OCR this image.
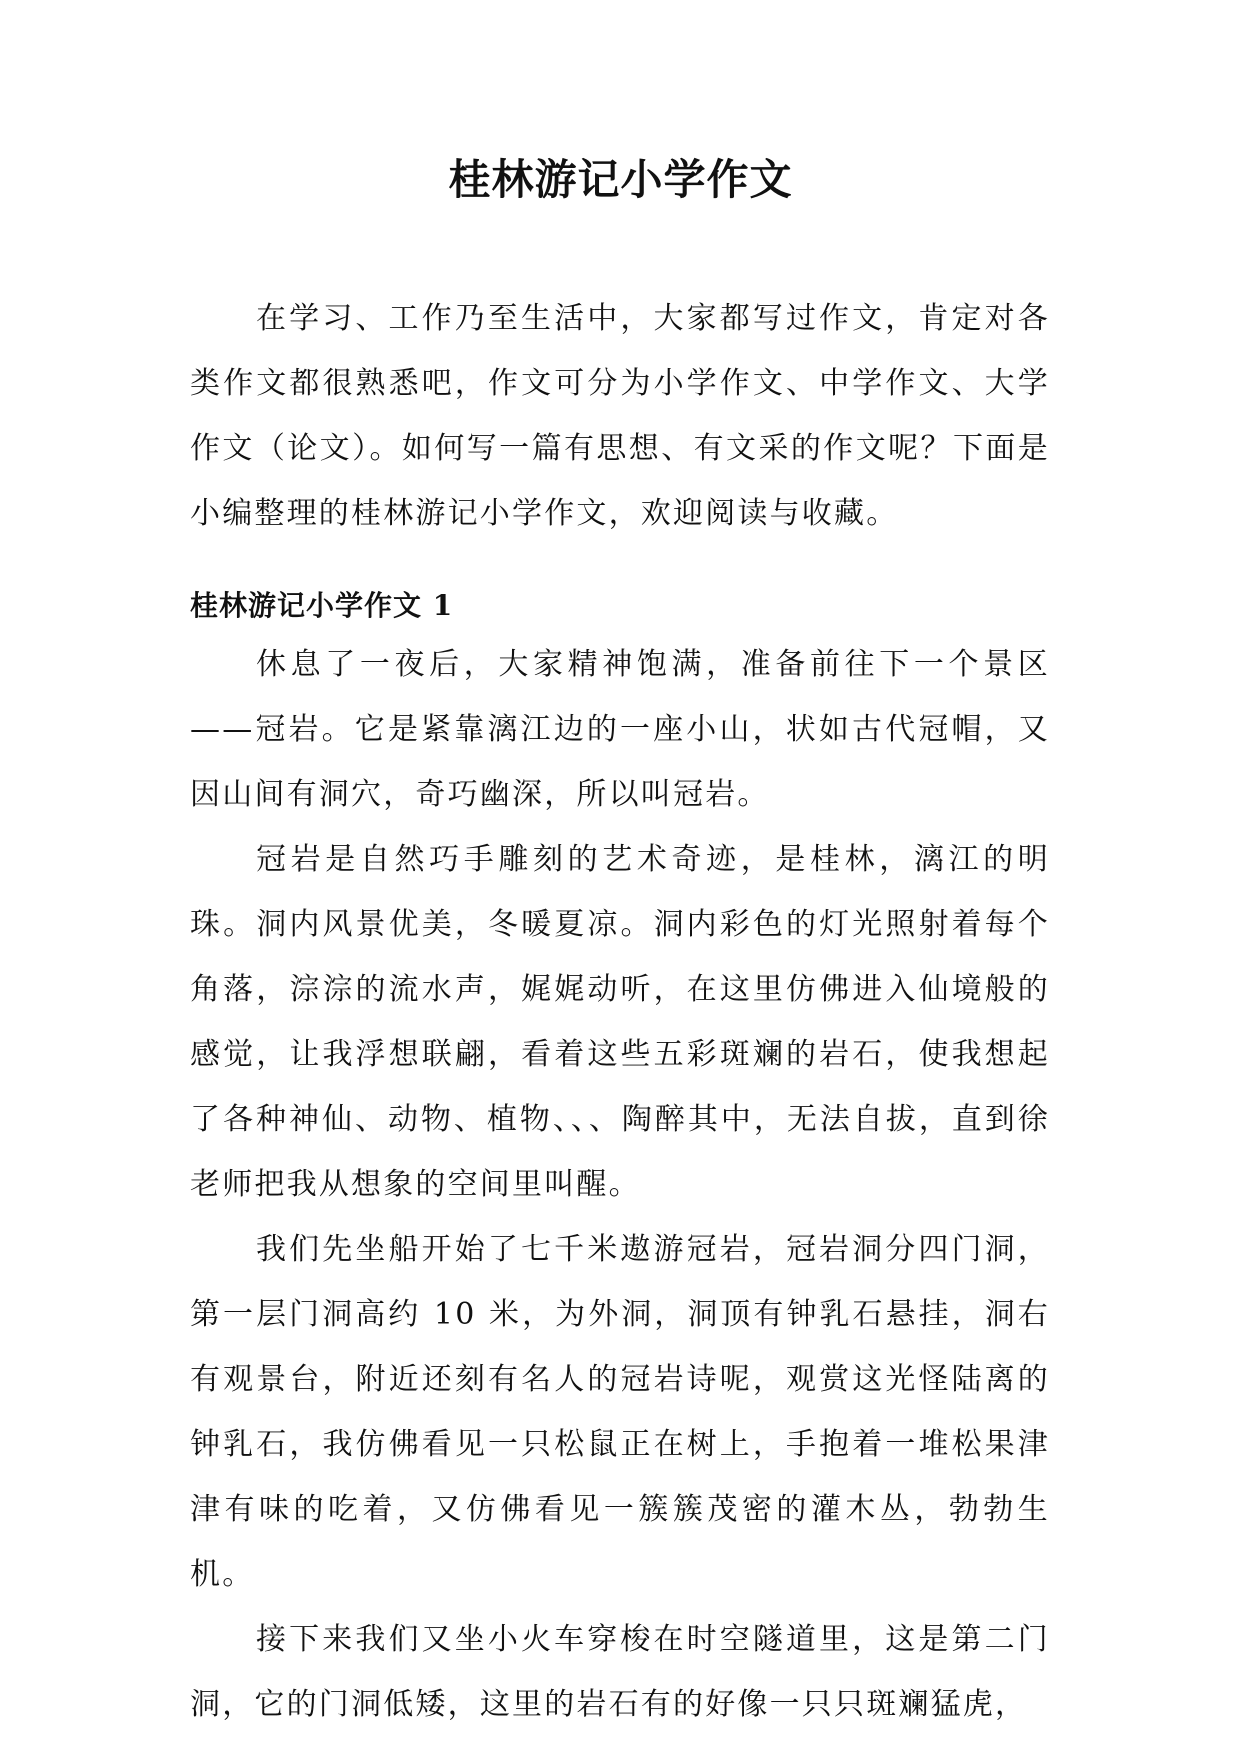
桂林游记小学作文

在学习、工作乃至生活中，大家都写过作文，肯定对各类作文都很熟悉吧，作文可分为小学作文、中学作文、大学作文（论文）。如何写一篇有思想、有文采的作文呢？下面是小编整理的桂林游记小学作文，欢迎阅读与收藏。

桂林游记小学作文 1

休息了一夜后，大家精神饱满，准备前往下一个景区——冠岩。它是紧靠漓江边的一座小山，状如古代冠帽，又因山间有洞穴，奇巧幽深，所以叫冠岩。

冠岩是自然巧手雕刻的艺术奇迹，是桂林，漓江的明珠。洞内风景优美，冬暖夏凉。洞内彩色的灯光照射着每个角落，淙淙的流水声，娓娓动听，在这里仿佛进入仙境般的感觉，让我浮想联翩，看着这些五彩斑斓的岩石，使我想起了各种神仙、动物、植物、、、陶醉其中，无法自拔，直到徐老师把我从想象的空间里叫醒。

我们先坐船开始了七千米遨游冠岩，冠岩洞分四门洞，第一层门洞高约 10 米，为外洞，洞顶有钟乳石悬挂，洞右有观景台，附近还刻有名人的冠岩诗呢，观赏这光怪陆离的钟乳石，我仿佛看见一只松鼠正在树上，手抱着一堆松果津津有味的吃着，又仿佛看见一簇簇茂密的灌木丛，勃勃生机。

接下来我们又坐小火车穿梭在时空隧道里，这是第二门洞，它的门洞低矮，这里的岩石有的好像一只只斑斓猛虎，
